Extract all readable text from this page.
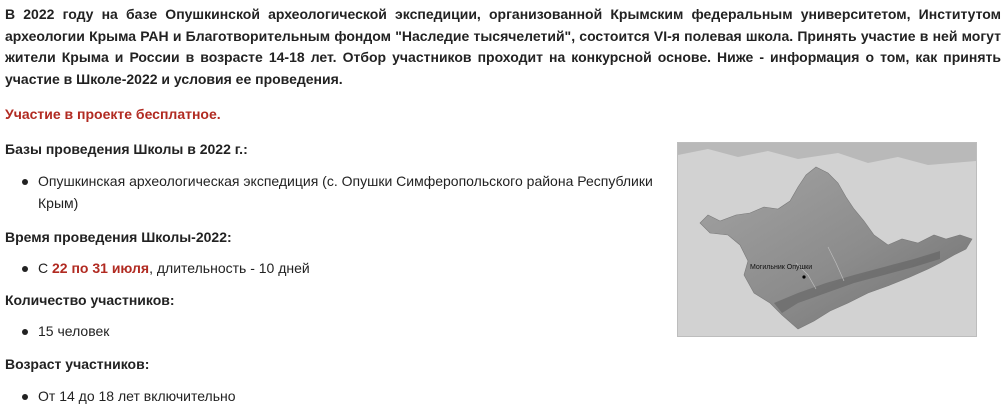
В 2022 году на базе Опушкинской археологической экспедиции, организованной Крымским федеральным университетом, Институтом археологии Крыма РАН и Благотворительным фондом "Наследие тысячелетий", состоится VI-я полевая школа. Принять участие в ней могут жители Крыма и России в возрасте 14-18 лет. Отбор участников проходит на конкурсной основе. Ниже - информация о том, как принять участие в Школе-2022 и условия ее проведения.

Участие в проекте бесплатное.

Базы проведения Школы в 2022 г.:

Опушкинская археологическая экспедиция (с. Опушки Симферопольского района Республики Крым)

Время проведения Школы-2022:

С 22 по 31 июля, длительность - 10 дней

Количество участников:

15 человек

Возраст участников:

От 14 до 18 лет включительно
Могильник Опушки
